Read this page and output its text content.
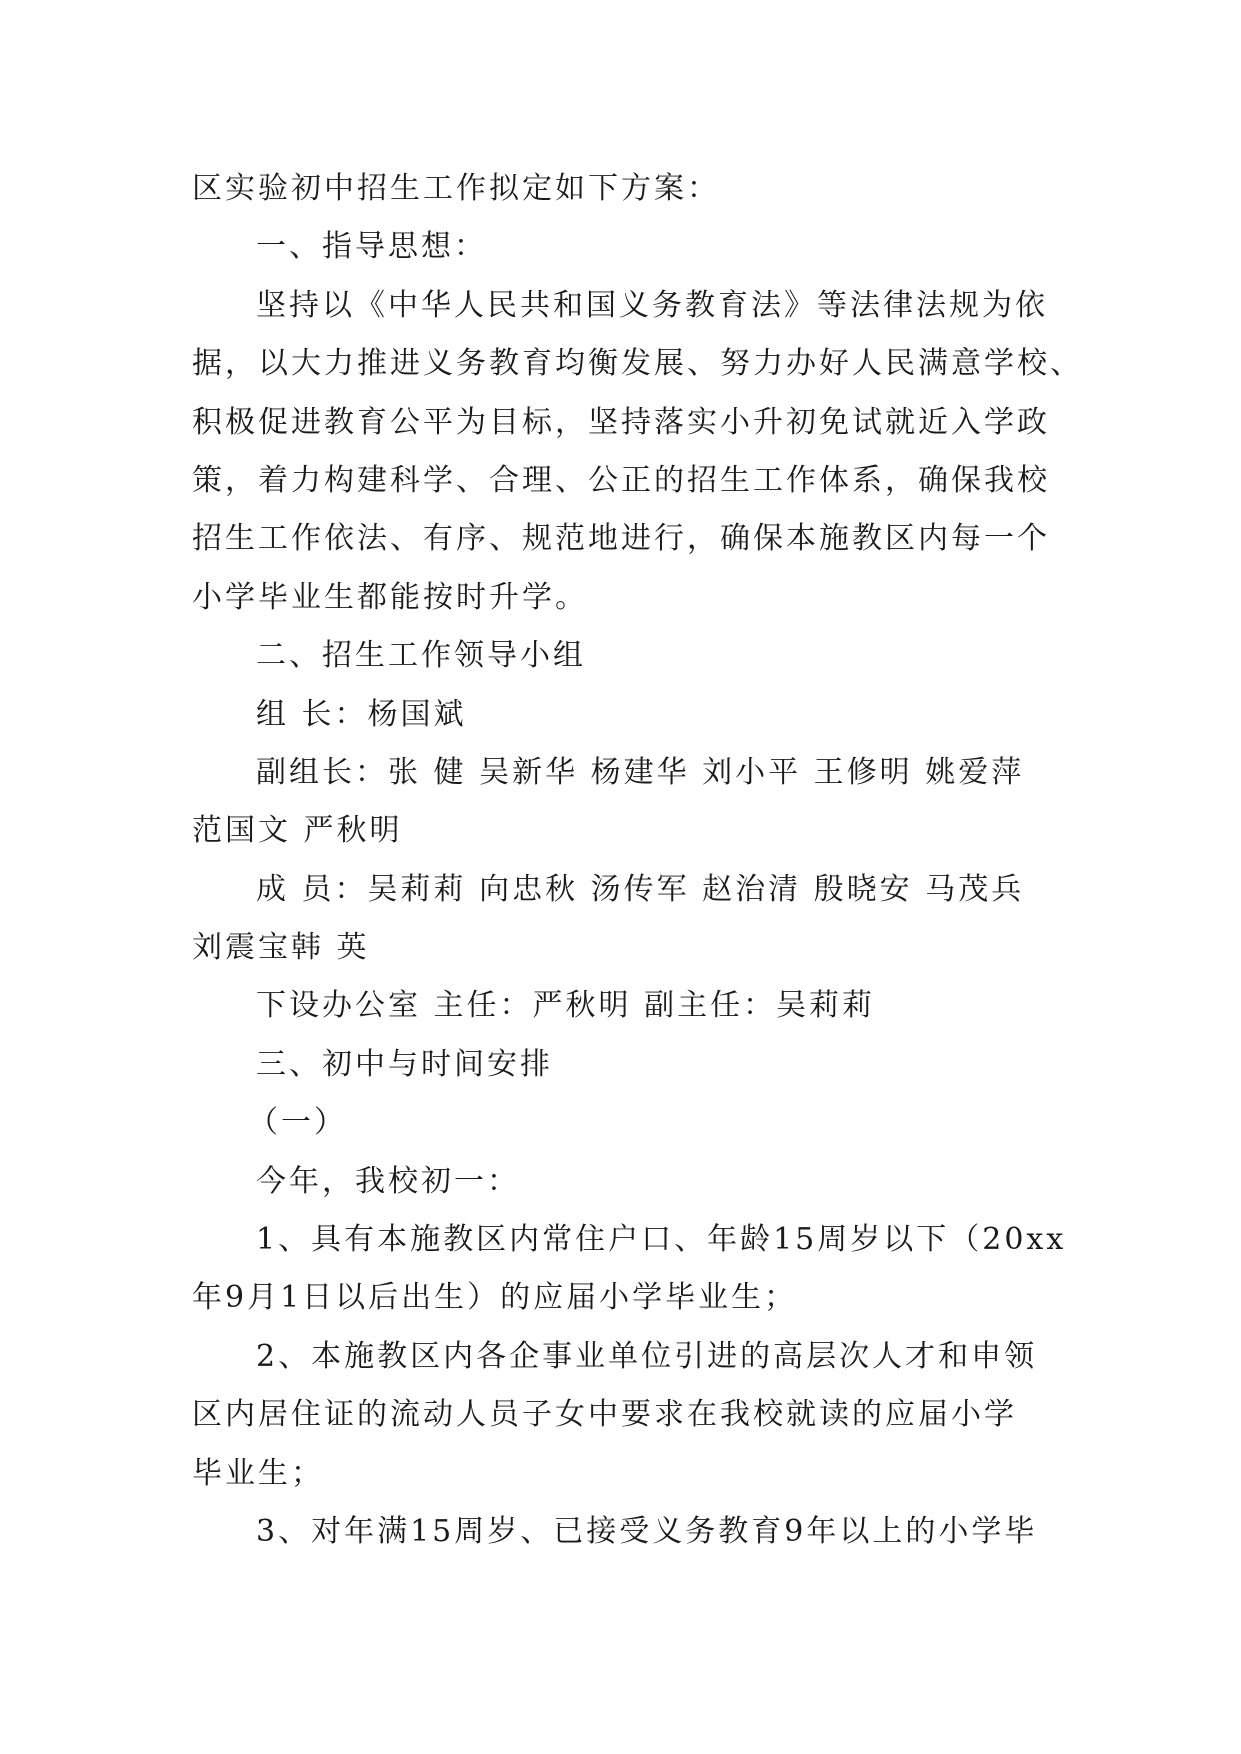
区实验初中招生工作拟定如下方案：
一、指导思想：
坚持以《中华人民共和国义务教育法》等法律法规为依
据，以大力推进义务教育均衡发展、努力办好人民满意学校、
积极促进教育公平为目标，坚持落实小升初免试就近入学政
策，着力构建科学、合理、公正的招生工作体系，确保我校
招生工作依法、有序、规范地进行，确保本施教区内每一个
小学毕业生都能按时升学。
二、招生工作领导小组
组 长：杨国斌
副组长：张 健 吴新华 杨建华 刘小平 王修明 姚爱萍
范国文 严秋明
成 员：吴莉莉 向忠秋 汤传军 赵治清 殷晓安 马茂兵
刘震宝韩 英
下设办公室 主任：严秋明 副主任：吴莉莉
三、初中与时间安排
（一）
今年，我校初一：
1、具有本施教区内常住户口、年龄15周岁以下（20xx
年9月1日以后出生）的应届小学毕业生；
2、本施教区内各企事业单位引进的高层次人才和申领
区内居住证的流动人员子女中要求在我校就读的应届小学
毕业生；
3、对年满15周岁、已接受义务教育9年以上的小学毕
